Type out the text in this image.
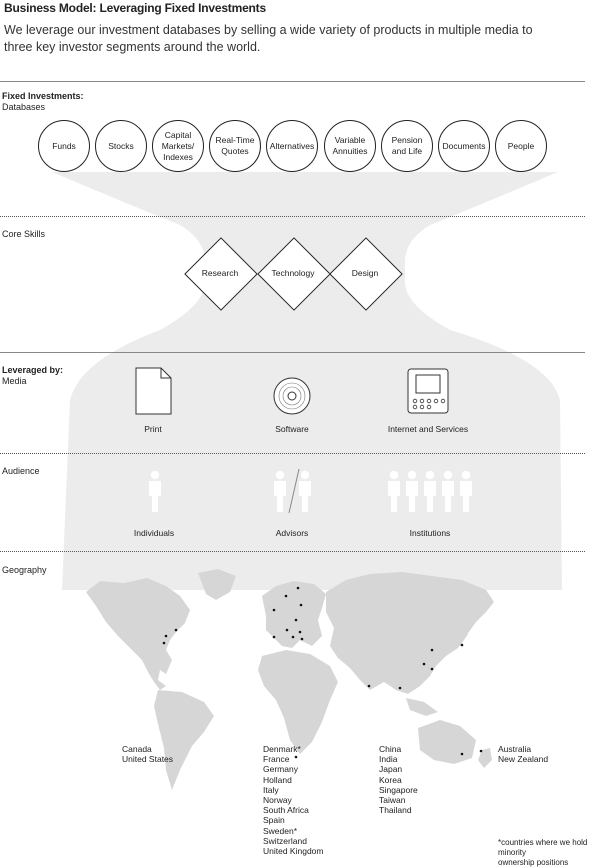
Business Model: Leveraging Fixed Investments
We leverage our investment databases by selling a wide variety of products in multiple media to three key investor segments around the world.
Fixed Investments:
Databases
Funds	Stocks
Capital
Markets/
Indexes
Real-Time
Quotes
Alternatives
Variable
Annuities
Pension
and Life
Documents	People
Core Skills
Research	Technology	Design
Leveraged by:
Media
Print	Software	Internet and Services
Audience
Individuals	Advisors	Institutions
Geography
Canada
United States
Denmark*
France
Germany
Holland
Italy
Norway
South Africa
Spain
Sweden*
Switzerland
United Kingdom
China
India
Japan
Korea
Singapore
Taiwan
Thailand
Australia
New Zealand
*countries where we hold minority
ownership positions
